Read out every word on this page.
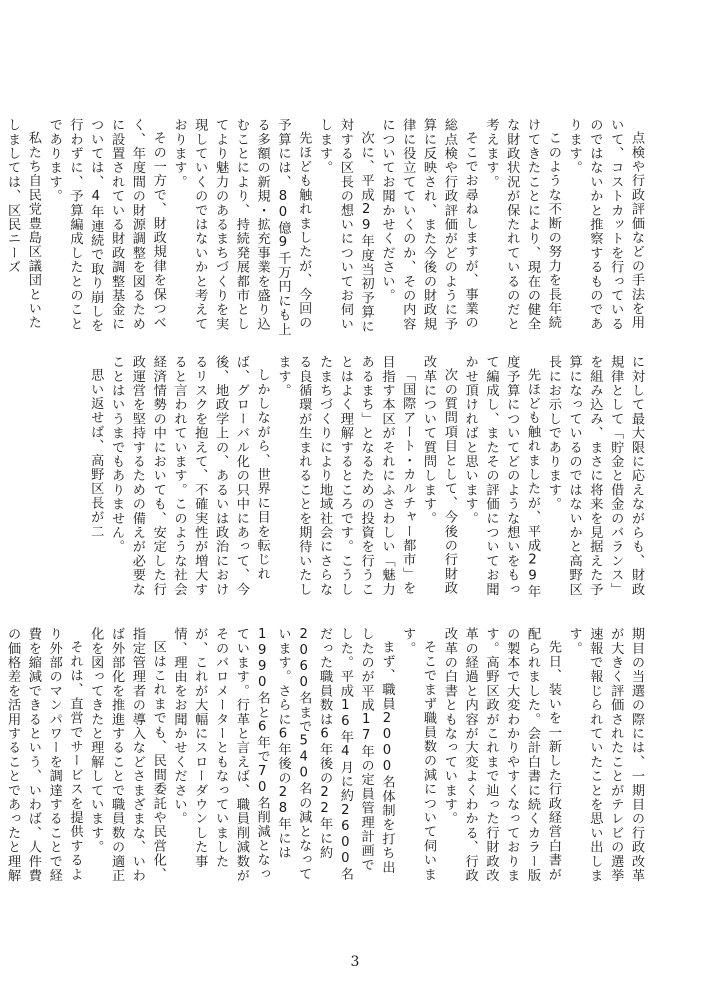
点検や行政評価などの手法を用いて、コストカットを行っているのではないかと推察するものであります。

このような不断の努力を長年続けてきたことにより、現在の健全な財政状況が保たれているのだと考えます。

そこでお尋ねしますが、事業の総点検や行政評価がどのように予算に反映され、また今後の財政規律に役立てていくのか、その内容についてお聞かせください。

次に、平成29年度当初予算に対する区長の想いについてお伺いします。

先ほども触れましたが、今回の予算には、80億9千万円にも上る多額の新規・拡充事業を盛り込むことにより、持続発展都市としてより魅力のあるまちづくりを実現していくのではないかと考えております。

その一方で、財政規律を保つべく、年度間の財源調整を図るために設置されている財政調整基金については、4年連続で取り崩しを行わずに、予算編成したとのことであります。

私たち自民党豊島区議団といたしましては、区民ニーズ

に対して最大限に応えながらも、財政規律として「貯金と借金のバランス」を組み込み、まさに将来を見据えた予算になっているのではないかと高野区長にお示しであります。

先ほども触れましたが、平成29年度予算についてどのような想いをもって編成し、またその評価についてお聞かせ頂ければと思います。

次の質問項目として、今後の行財政改革について質問します。

「国際アート・カルチャー都市」を目指す本区がそれにふさわしい「魅力あるまち」となるための投資を行うことはよく理解するところです。こうしたまちづくりにより地域社会にさらなる良循環が生まれることを期待いたします。

しかしながら、世界に目を転じれば、グローバル化の只中にあって、今後、地政学上の、あるいは政治におけるリスクを抱えて、不確実性が増大すると言われています。このような社会経済情勢の中においても、安定した行政運営を堅持するための備えが必要なことはいうまでもありません。

思い返せば、高野区長が二

期目の当選の際には、一期目の行政改革が大きく評価されたことがテレビの選挙速報で報じられていたことを思い出します。

先日、装いを一新した行政経営白書が配られました。会計白書に続くカラー版の製本で大変わかりやすくなっております。高野区政がこれまで辿った行財政改革の経過と内容が大変よくわかる、行政改革の白書ともなっています。

そこでまず職員数の減について伺います。

まず、職員2000名体制を打ち出したのが平成17年の定員管理計画でした。平成16年4月に約2600名だった職員数は6年後の22年に約2060名まで540名の減となっています。さらに6年後の28年には1990名と6年で70名削減となっています。行革と言えば、職員削減数がそのバロメーターともなっていましたが、これが大幅にスローダウンした事情、理由をお聞かせください。

区はこれまでも、民間委託や民営化、指定管理者の導入などさまざまな、いわば外部化を推進することで職員数の適正化を図ってきたと理解しています。

それは、直営でサービスを提供するより外部のマンパワーを調達することで経費を縮減できるという、いわば、人件費の価格差を活用することであったと理解

3
